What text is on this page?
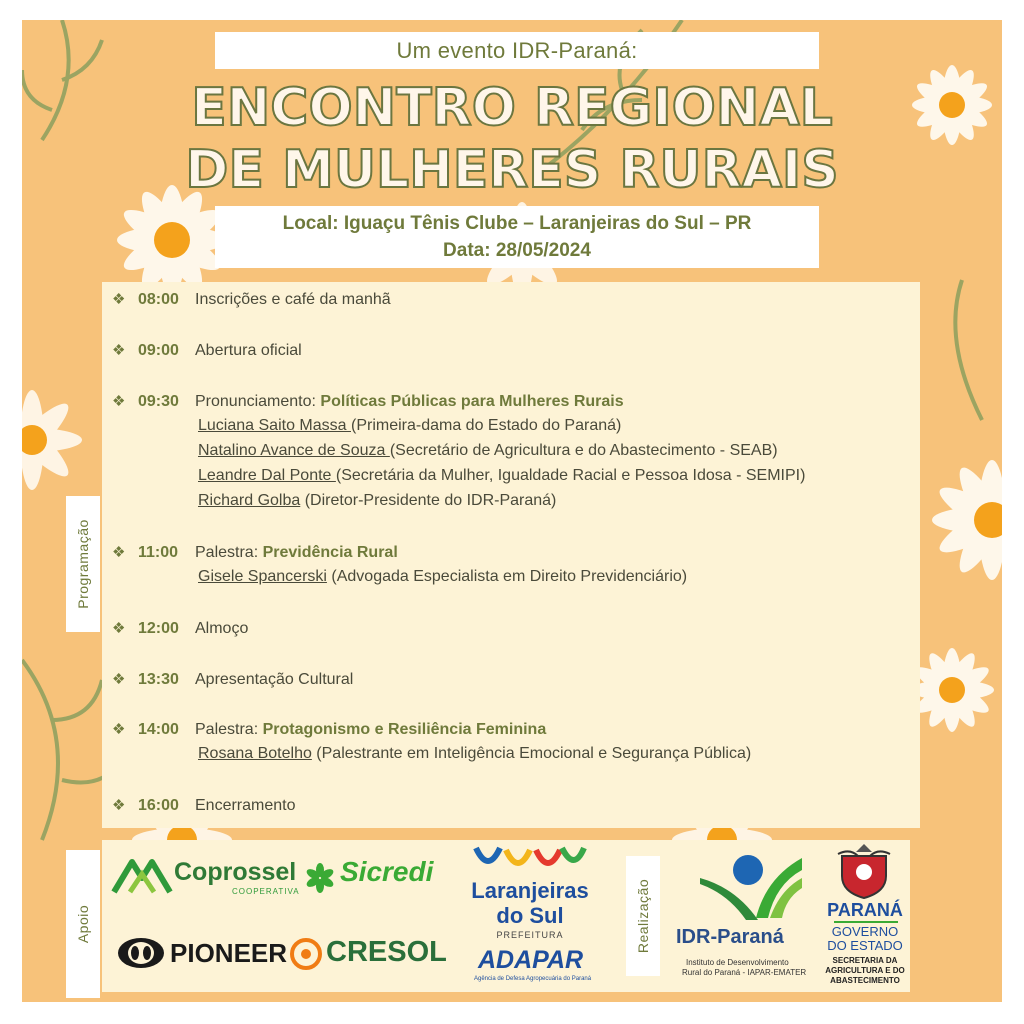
Um evento IDR-Paraná:
ENCONTRO REGIONAL
DE MULHERES RURAIS
Local: Iguaçu Tênis Clube – Laranjeiras do Sul – PR
Data: 28/05/2024
Programação
❖ 08:00 Inscrições e café da manhã
❖ 09:00 Abertura oficial
❖ 09:30 Pronunciamento: Políticas Públicas para Mulheres Rurais
Luciana Saito Massa (Primeira-dama do Estado do Paraná)
Natalino Avance de Souza (Secretário de Agricultura e do Abastecimento - SEAB)
Leandre Dal Ponte (Secretária da Mulher, Igualdade Racial e Pessoa Idosa - SEMIPI)
Richard Golba (Diretor-Presidente do IDR-Paraná)
❖ 11:00 Palestra: Previdência Rural
Gisele Spancerski (Advogada Especialista em Direito Previdenciário)
❖ 12:00 Almoço
❖ 13:30 Apresentação Cultural
❖ 14:00 Palestra: Protagonismo e Resiliência Feminina
Rosana Botelho (Palestrante em Inteligência Emocional e Segurança Pública)
❖ 16:00 Encerramento
Apoio
Coprossel
COOPERATIVA
Sicredi
PIONEER CRESOL
Laranjeiras
do Sul
PREFEITURA
ADAPAR
Agência de Defesa Agropecuária do Paraná
IDR-Paraná
Instituto de Desenvolvimento
Rural do Paraná - IAPAR-EMATER
PARANÁ
GOVERNO
DO ESTADO
SECRETARIA DA
AGRICULTURA E DO
ABASTECIMENTO
Realização
